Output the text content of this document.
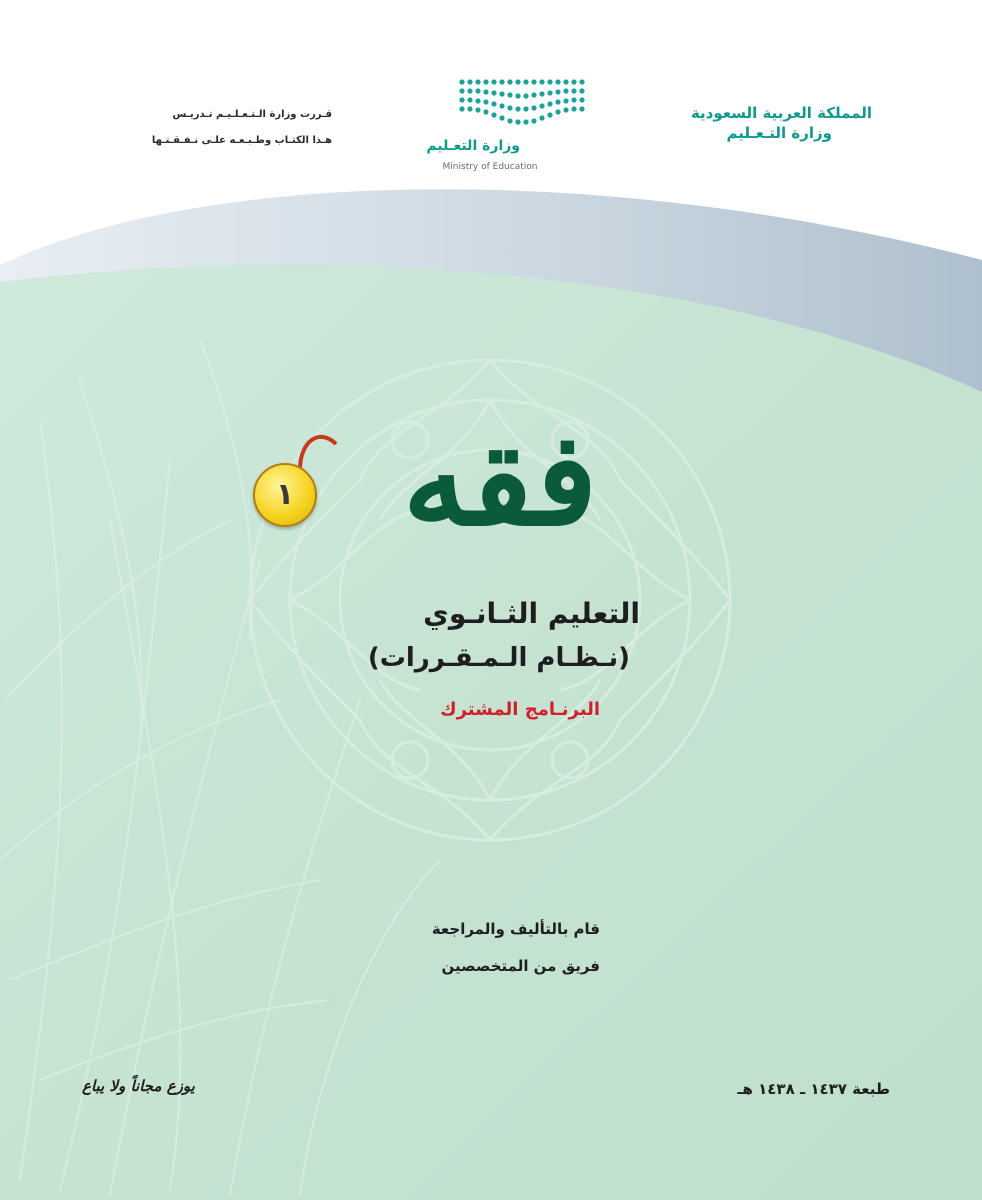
المملكة العربية السعودية
وزارة التـعـليم
قـررت وزارة الـتـعـلـيـم تـدريـس
هـذا الكتـاب وطـبـعـه علـى نـفـقـتـها	وزارة التعـليم
Ministry of Education
فقه
١
التعليم الثـانـوي
(نـظـام الـمـقـررات)
البرنـامج المشترك
قام بالتأليف والمراجعة
فريق من المتخصصين
طبعة ١٤٣٧ ـ ١٤٣٨ هـ
يوزع مجاناً ولا يباع
